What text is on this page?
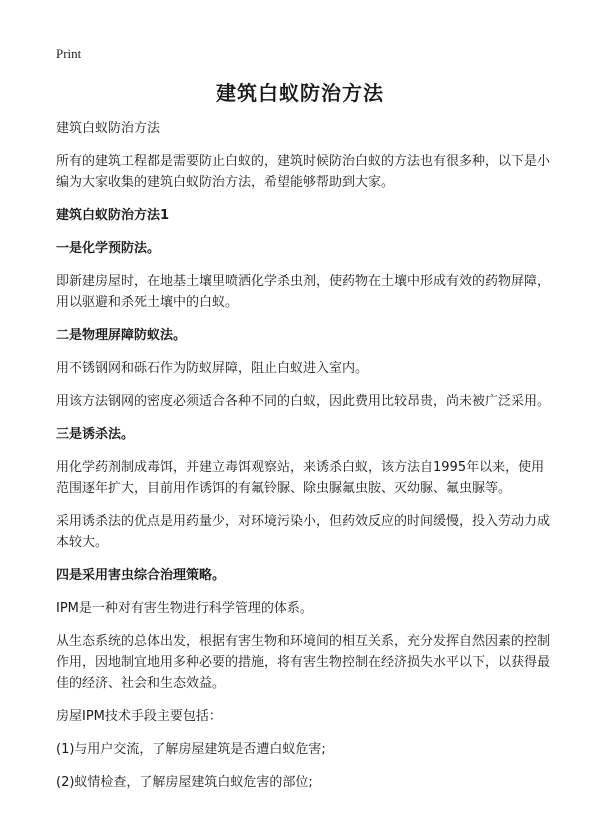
Print
建筑白蚁防治方法

建筑白蚁防治方法

所有的建筑工程都是需要防止白蚁的，建筑时候防治白蚁的方法也有很多种，以下是小编为大家收集的建筑白蚁防治方法，希望能够帮助到大家。

建筑白蚁防治方法1
一是化学预防法。

即新建房屋时，在地基土壤里喷洒化学杀虫剂，使药物在土壤中形成有效的药物屏障，用以驱避和杀死土壤中的白蚁。

二是物理屏障防蚁法。

用不锈钢网和砾石作为防蚁屏障，阻止白蚁进入室内。

用该方法钢网的密度必须适合各种不同的白蚁，因此费用比较昂贵，尚未被广泛采用。

三是诱杀法。

用化学药剂制成毒饵，并建立毒饵观察站，来诱杀白蚁，该方法自1995年以来，使用范围逐年扩大，目前用作诱饵的有氟铃脲、除虫脲氟虫胺、灭幼脲、氟虫脲等。

采用诱杀法的优点是用药量少，对环境污染小，但药效反应的时间缓慢，投入劳动力成本较大。

四是采用害虫综合治理策略。

IPM是一种对有害生物进行科学管理的体系。

从生态系统的总体出发，根据有害生物和环境间的相互关系，充分发挥自然因素的控制作用，因地制宜地用多种必要的措施，将有害生物控制在经济损失水平以下，以获得最佳的经济、社会和生态效益。

房屋IPM技术手段主要包括：

(1)与用户交流，了解房屋建筑是否遭白蚁危害;

(2)蚁情检查，了解房屋建筑白蚁危害的部位;
